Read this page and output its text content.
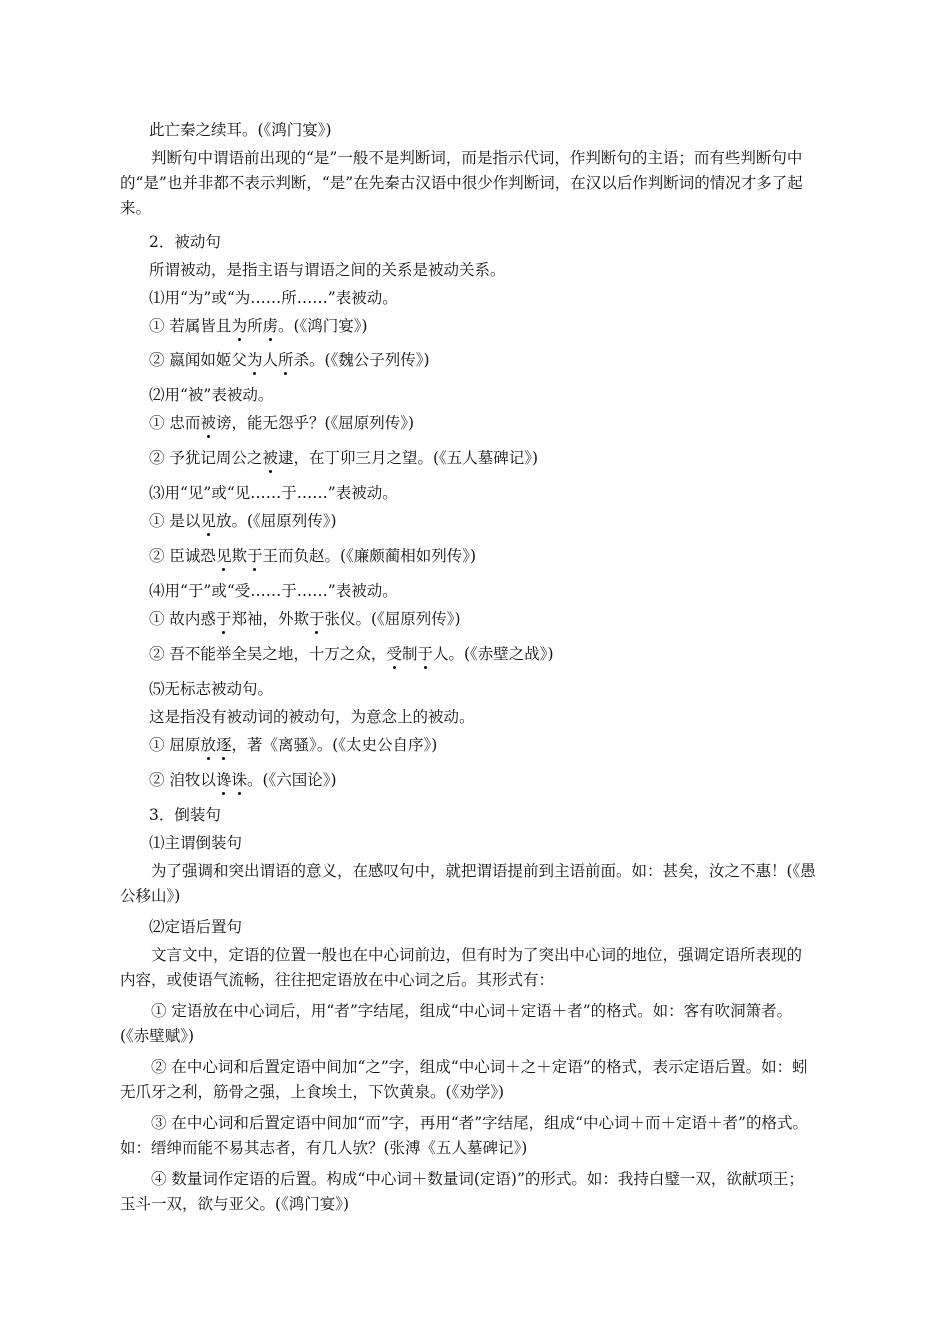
此亡秦之续耳。(《鸿门宴》)
判断句中谓语前出现的“是”一般不是判断词，而是指示代词，作判断句的主语；而有些判断句中的“是”也并非都不表示判断，“是”在先秦古汉语中很少作判断词，在汉以后作判断词的情况才多了起来。
2．被动句
所谓被动，是指主语与谓语之间的关系是被动关系。
⑴用“为”或“为……所……”表被动。
① 若属皆且为所虏。(《鸿门宴》)
② 嬴闻如姬父为人所杀。(《魏公子列传》)
⑵用“被”表被动。
① 忠而被谤，能无怨乎？(《屈原列传》)
② 予犹记周公之被逮，在丁卯三月之望。(《五人墓碑记》)
⑶用“见”或“见……于……”表被动。
① 是以见放。(《屈原列传》)
② 臣诚恐见欺于王而负赵。(《廉颇蔺相如列传》)
⑷用“于”或“受……于……”表被动。
① 故内惑于郑袖，外欺于张仪。(《屈原列传》)
② 吾不能举全吴之地，十万之众，受制于人。(《赤壁之战》)
⑸无标志被动句。
这是指没有被动词的被动句，为意念上的被动。
① 屈原放逐，著《离骚》。(《太史公自序》)
② 洎牧以谗诛。(《六国论》)
3．倒装句
⑴主谓倒装句
为了强调和突出谓语的意义，在感叹句中，就把谓语提前到主语前面。如：甚矣，汝之不惠！(《愚公移山》)
⑵定语后置句
文言文中，定语的位置一般也在中心词前边，但有时为了突出中心词的地位，强调定语所表现的内容，或使语气流畅，往往把定语放在中心词之后。其形式有：
① 定语放在中心词后，用“者”字结尾，组成“中心词＋定语＋者”的格式。如：客有吹洞箫者。(《赤壁赋》)
② 在中心词和后置定语中间加“之”字，组成“中心词＋之＋定语”的格式，表示定语后置。如：蚓无爪牙之利，筋骨之强，上食埃土，下饮黄泉。(《劝学》)
③ 在中心词和后置定语中间加“而”字，再用“者”字结尾，组成“中心词＋而＋定语＋者”的格式。如：缙绅而能不易其志者，有几人欤？(张溥《五人墓碑记》)
④ 数量词作定语的后置。构成“中心词＋数量词(定语)”的形式。如：我持白璧一双，欲献项王；玉斗一双，欲与亚父。(《鸿门宴》)
